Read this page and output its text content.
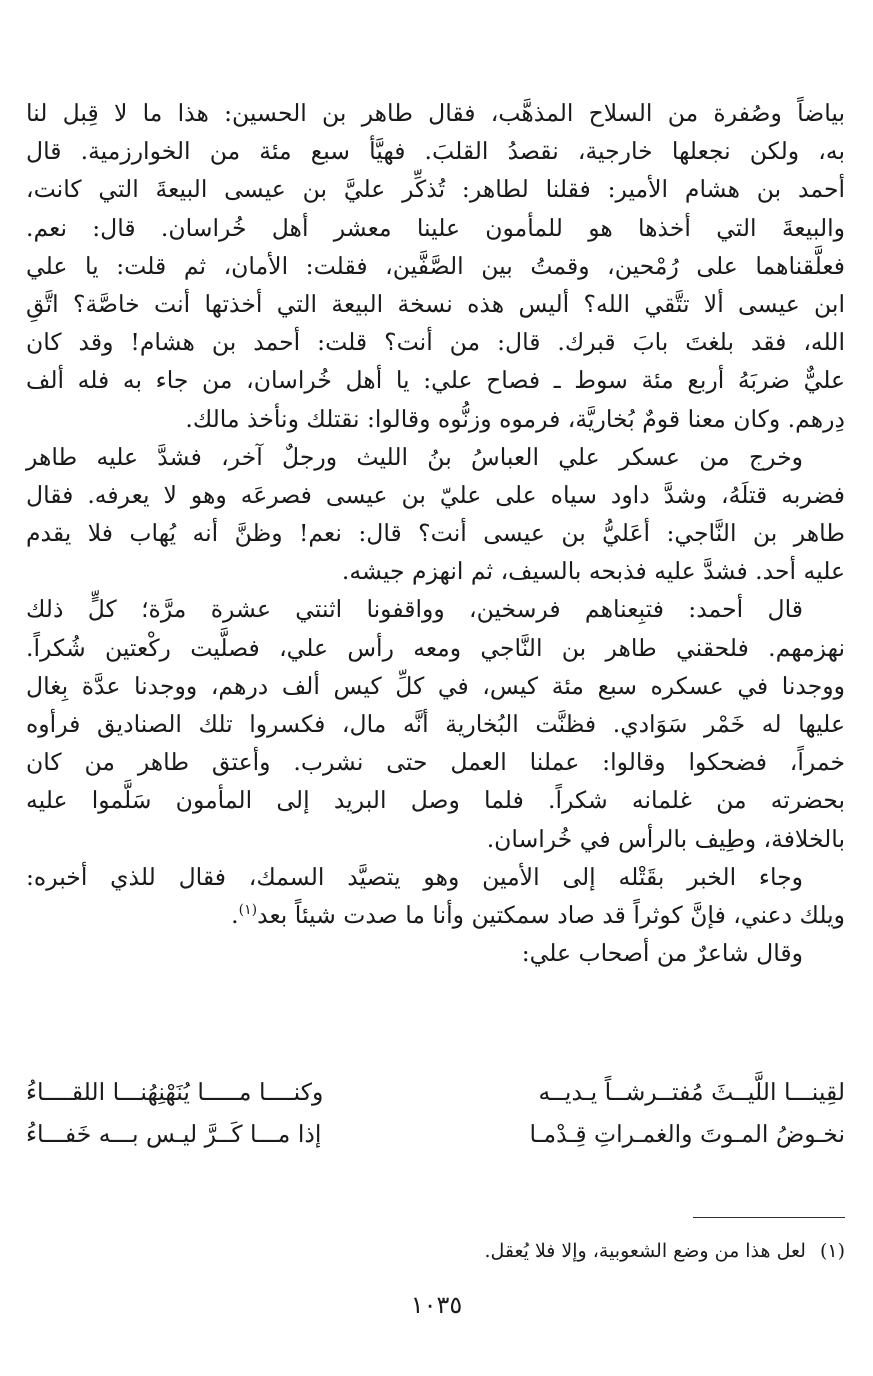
بياضاً وصُفرة من السلاح المذهَّب، فقال طاهر بن الحسين: هذا ما لا قِبل لنا
به، ولكن نجعلها خارجية، نقصدُ القلبَ. فهيَّأ سبع مئة من الخوارزمية. قال
أحمد بن هشام الأمير: فقلنا لطاهر: تُذكِّر عليَّ بن عيسى البيعةَ التي كانت،
والبيعةَ التي أخذها هو للمأمون علينا معشر أهل خُراسان. قال: نعم.
فعلَّقناهما على رُمْحين، وقمتُ بين الصَّفَّين، فقلت: الأمان، ثم قلت: يا علي
ابن عيسى ألا تتَّقي الله؟ أليس هذه نسخة البيعة التي أخذتها أنت خاصَّة؟ اتَّقِ
الله، فقد بلغتَ بابَ قبرك. قال: من أنت؟ قلت: أحمد بن هشام! وقد كان
عليٌّ ضربَهُ أربع مئة سوط ـ فصاح علي: يا أهل خُراسان، من جاء به فله ألف
دِرهم. وكان معنا قومٌ بُخاريَّة، فرموه وزنُّوه وقالوا: نقتلك ونأخذ مالك.
وخرج من عسكر علي العباسُ بنُ الليث ورجلٌ آخر، فشدَّ عليه طاهر
فضربه قتلَهُ، وشدَّ داود سياه على عليّ بن عيسى فصرعَه وهو لا يعرفه. فقال
طاهر بن النَّاجي: أعَليُّ بن عيسى أنت؟ قال: نعم! وظنَّ أنه يُهاب فلا يقدم
عليه أحد. فشدَّ عليه فذبحه بالسيف، ثم انهزم جيشه.
قال أحمد: فتبِعناهم فرسخين، وواقفونا اثنتي عشرة مرَّة؛ كلٍّ ذلك
نهزمهم. فلحقني طاهر بن النَّاجي ومعه رأس علي، فصلَّيت ركْعتين شُكراً.
ووجدنا في عسكره سبع مئة كيس، في كلِّ كيس ألف درهم، ووجدنا عدَّة بِغال
عليها له خَمْر سَوَادي. فظنَّت البُخارية أنَّه مال، فكسروا تلك الصناديق فرأوه
خمراً، فضحكوا وقالوا: عملنا العمل حتى نشرب. وأعتق طاهر من كان
بحضرته من غلمانه شكراً. فلما وصل البريد إلى المأمون سَلَّموا عليه
بالخلافة، وطِيف بالرأس في خُراسان.
وجاء الخبر بقَتْله إلى الأمين وهو يتصيَّد السمك، فقال للذي أخبره:
ويلك دعني، فإنَّ كوثراً قد صاد سمكتين وأنا ما صدت شيئاً بعد$^{(١)}$.
وقال شاعرٌ من أصحاب علي:
لقِينـــا اللَّيــثَ مُفتــرشــاً يـديــه
وكنــــا مـــــا يُنَهْنِهُنـــا اللقــــاءُ
نخـوضُ المـوتَ والغمـراتِ قِـدْمـا
إذا مـــا كَــرَّ ليـس بـــه خَفـــاءُ
(١)لعل هذا من وضع الشعوبية، وإلا فلا يُعقل.
١٠٣٥
